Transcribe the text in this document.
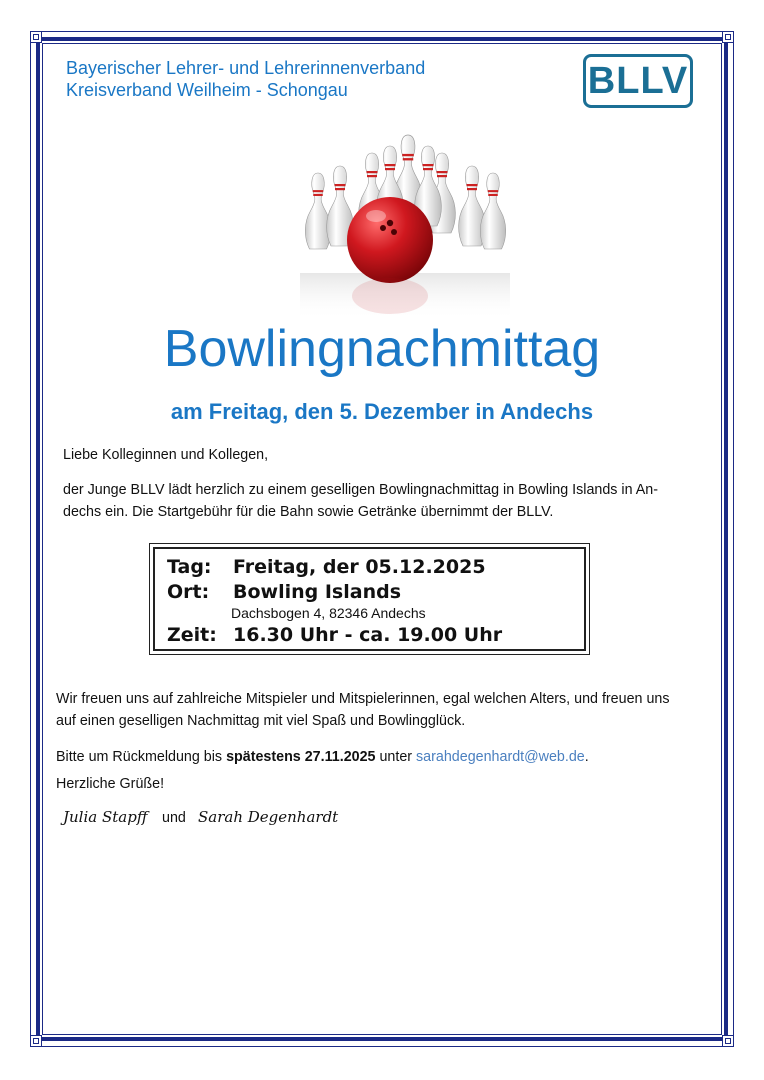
Bayerischer Lehrer- und Lehrerinnenverband
Kreisverband Weilheim - Schongau	BLLV
Bowlingnachmittag
am Freitag, den 5. Dezember in Andechs
Liebe Kolleginnen und Kollegen,
der Junge BLLV lädt herzlich zu einem geselligen Bowlingnachmittag in Bowling Islands in An-
dechs ein. Die Startgebühr für die Bahn sowie Getränke übernimmt der BLLV.
Tag: Freitag, der 05.12.2025
Ort: Bowling Islands
Dachsbogen 4, 82346 Andechs
Zeit: 16.30 Uhr - ca. 19.00 Uhr
Wir freuen uns auf zahlreiche Mitspieler und Mitspielerinnen, egal welchen Alters, und freuen uns
auf einen geselligen Nachmittag mit viel Spaß und Bowlingglück.
Bitte um Rückmeldung bis spätestens 27.11.2025 unter sarahdegenhardt@web.de.
Herzliche Grüße!
Julia Stapff und Sarah Degenhardt
